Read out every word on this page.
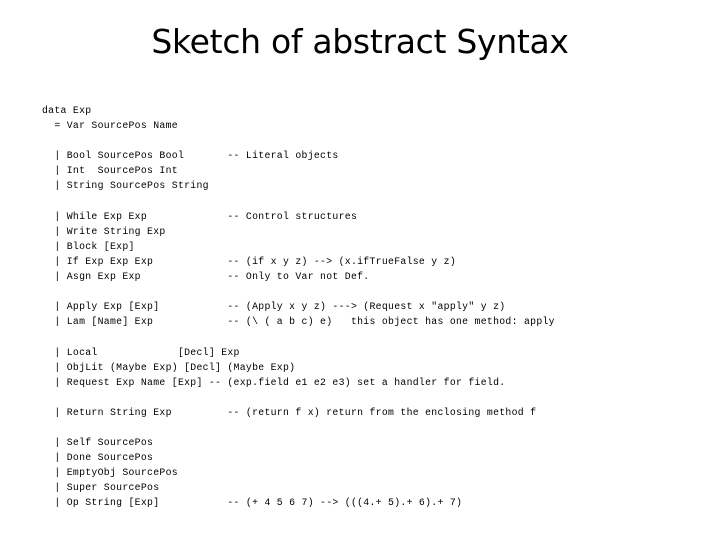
Sketch of abstract Syntax
data Exp
= Var SourcePos Name
| Bool SourcePos Bool       -- Literal objects
| Int  SourcePos Int
| String SourcePos String
| While Exp Exp             -- Control structures
| Write String Exp
| Block [Exp]
| If Exp Exp Exp            -- (if x y z) --> (x.ifTrueFalse y z)
| Asgn Exp Exp              -- Only to Var not Def.
| Apply Exp [Exp]           -- (Apply x y z) ---> (Request x "apply" y z)
| Lam [Name] Exp            -- (\ ( a b c) e)   this object has one method: apply
| Local             [Decl] Exp
| ObjLit (Maybe Exp) [Decl] (Maybe Exp)
| Request Exp Name [Exp] -- (exp.field e1 e2 e3) set a handler for field.
| Return String Exp         -- (return f x) return from the enclosing method f
| Self SourcePos
| Done SourcePos
| EmptyObj SourcePos
| Super SourcePos
| Op String [Exp]           -- (+ 4 5 6 7) --> (((4.+ 5).+ 6).+ 7)
